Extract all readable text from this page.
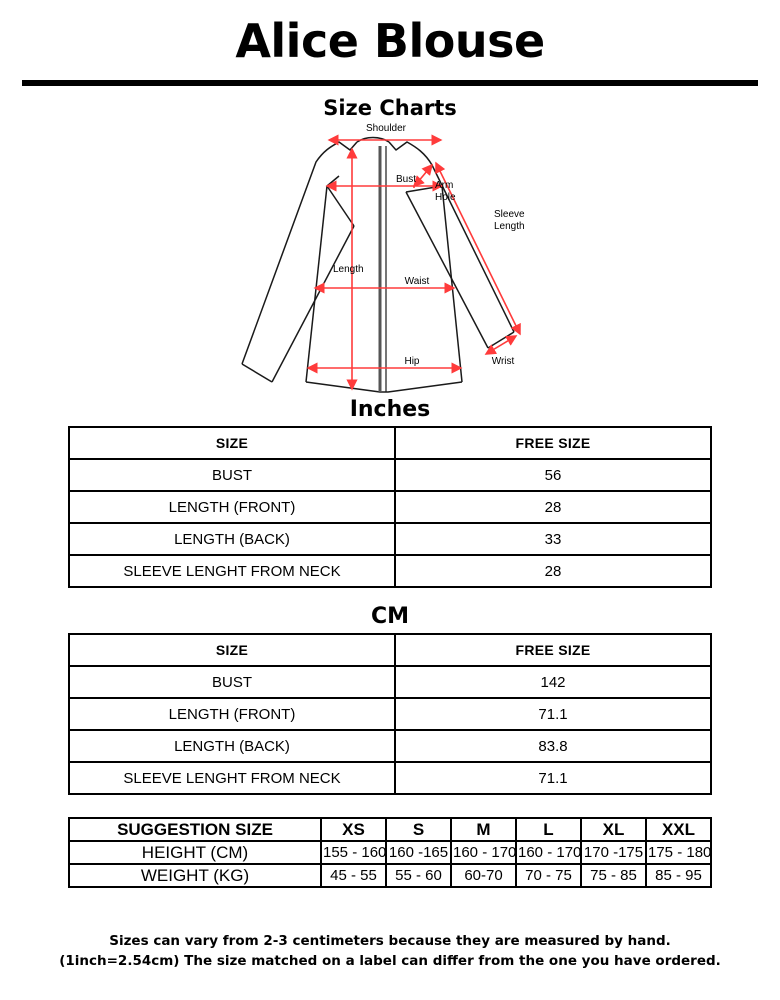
Alice Blouse
Size Charts
Shoulder
Arm
Hole
Bust
Sleeve
Length
Length
Waist
Hip	Wrist
Inches
SIZE	FREE SIZE
BUST	56
LENGTH (FRONT)	28
LENGTH (BACK)	33
SLEEVE LENGHT FROM NECK	28
CM
SIZE	FREE SIZE
BUST	142
LENGTH (FRONT)	71.1
LENGTH (BACK)	83.8
SLEEVE LENGHT FROM NECK	71.1
SUGGESTION SIZE	XS	S	M	L	XL	XXL
HEIGHT (CM)	155 - 160	160 -165	160 - 170	160 - 170	170 -175	175 - 180
WEIGHT (KG)	45 - 55	55 - 60	60-70	70 - 75	75 - 85	85 - 95
Sizes can vary from 2-3 centimeters because they are measured by hand.
(1inch=2.54cm) The size matched on a label can differ from the one you have ordered.
